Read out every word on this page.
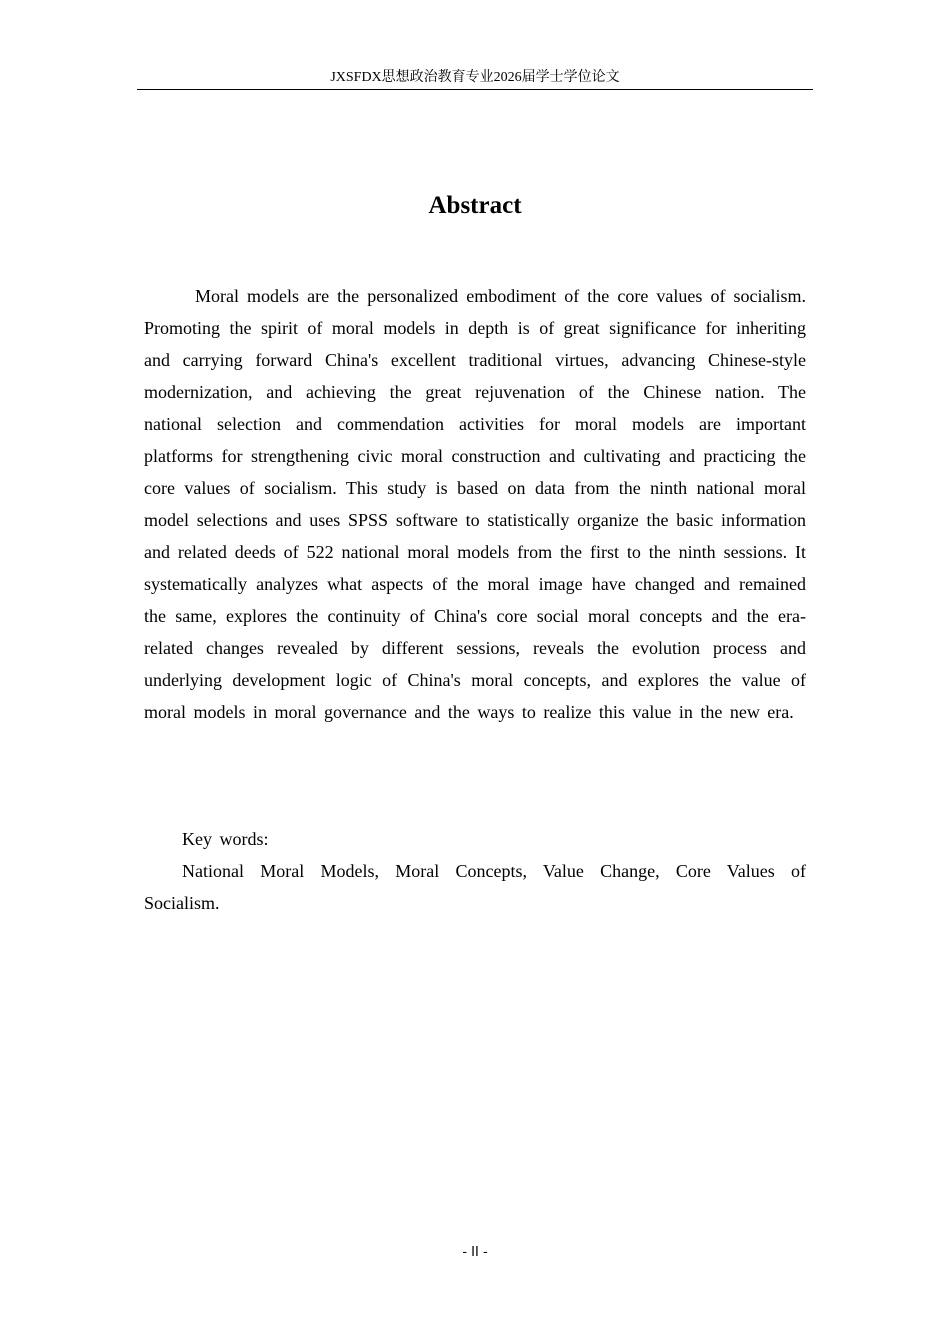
JXSFDX思想政治教育专业2026届学士学位论文
Abstract

Moral models are the personalized embodiment of the core values of socialism. Promoting the spirit of moral models in depth is of great significance for inheriting and carrying forward China's excellent traditional virtues, advancing Chinese-style modernization, and achieving the great rejuvenation of the Chinese nation. The national selection and commendation activities for moral models are important platforms for strengthening civic moral construction and cultivating and practicing the core values of socialism. This study is based on data from the ninth national moral model selections and uses SPSS software to statistically organize the basic information and related deeds of 522 national moral models from the first to the ninth sessions. It systematically analyzes what aspects of the moral image have changed and remained the same, explores the continuity of China's core social moral concepts and the era-related changes revealed by different sessions, reveals the evolution process and underlying development logic of China's moral concepts, and explores the value of moral models in moral governance and the ways to realize this value in the new era.

Key words:

National Moral Models, Moral Concepts, Value Change, Core Values of Socialism.

- II -
